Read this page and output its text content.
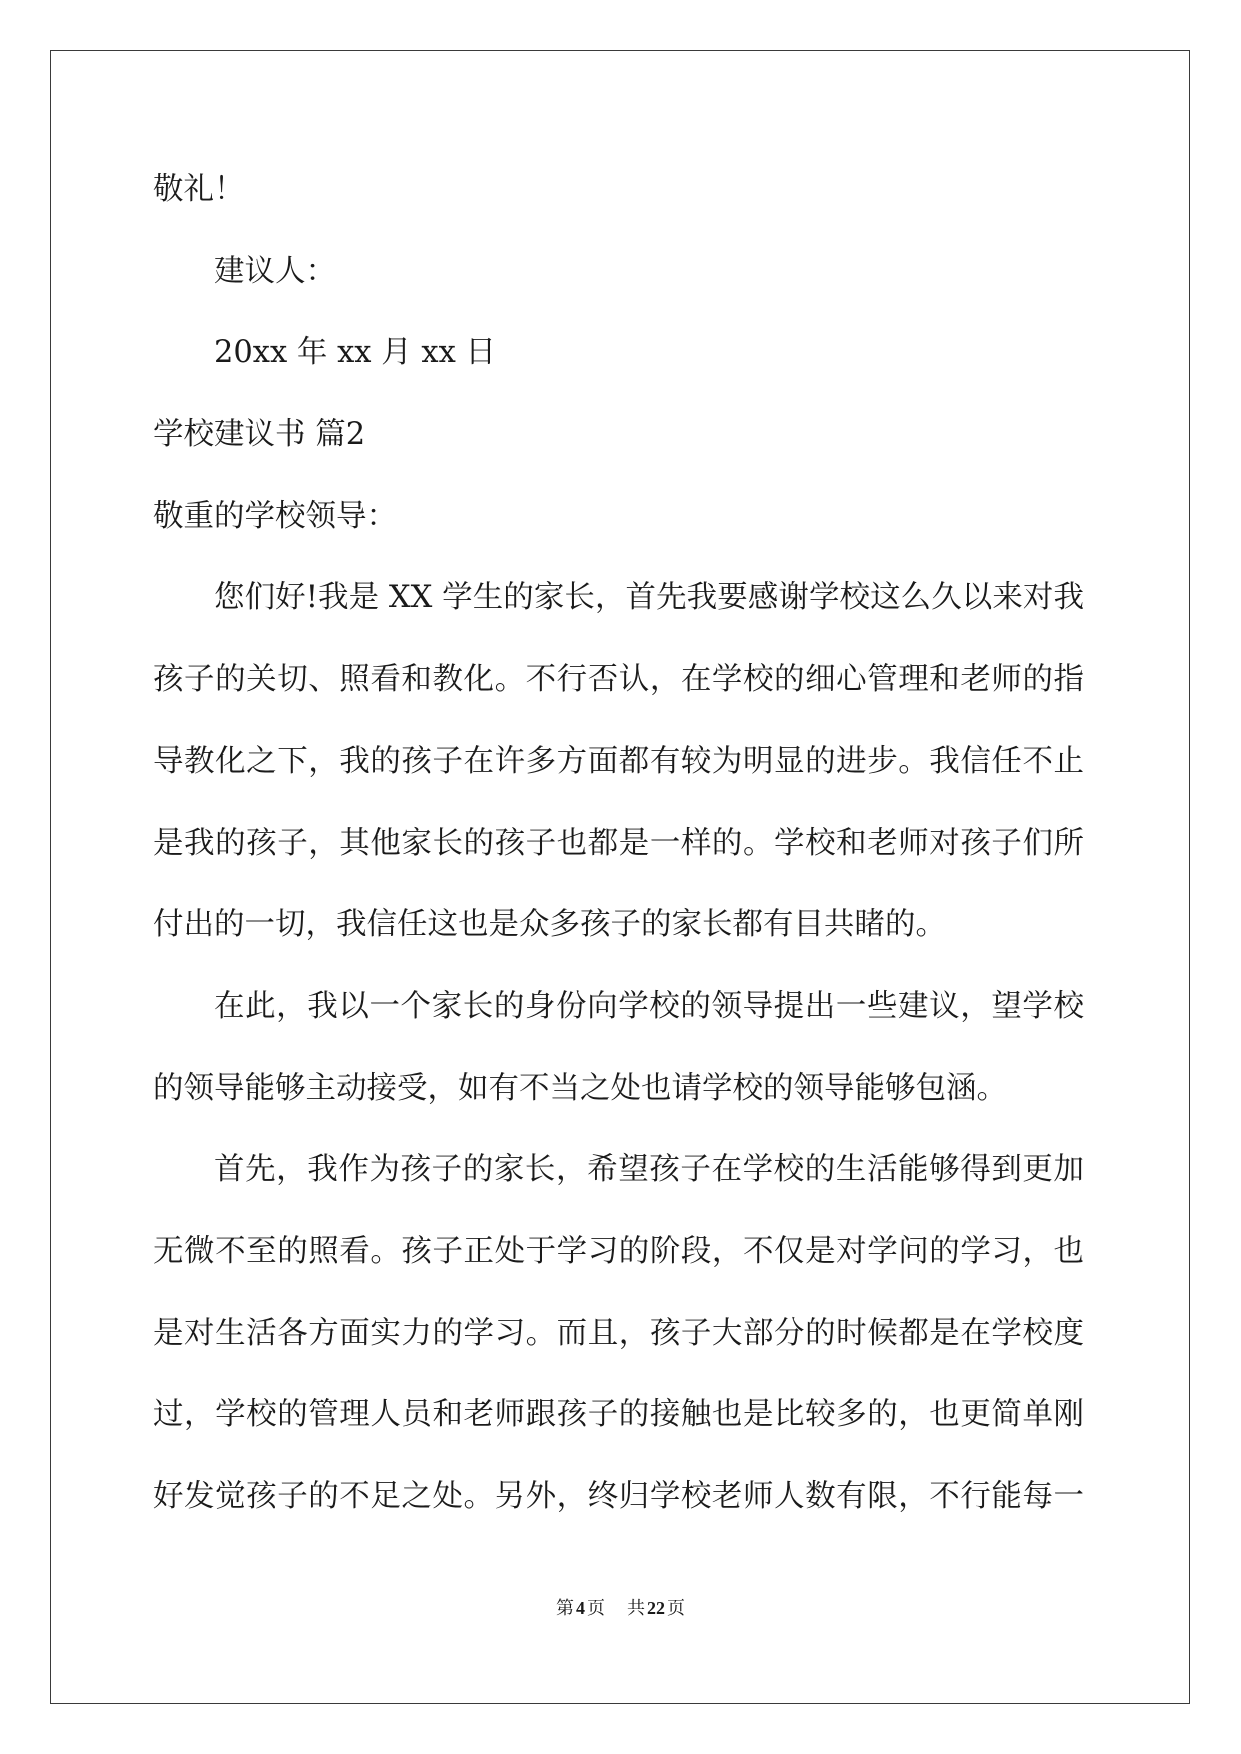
敬礼！
建议人：
20xx 年 xx 月 xx 日
学校建议书 篇2
敬重的学校领导：
您们好!我是 XX 学生的家长，首先我要感谢学校这么久以来对我
孩子的关切、照看和教化。不行否认，在学校的细心管理和老师的指
导教化之下，我的孩子在许多方面都有较为明显的进步。我信任不止
是我的孩子，其他家长的孩子也都是一样的。学校和老师对孩子们所
付出的一切，我信任这也是众多孩子的家长都有目共睹的。
在此，我以一个家长的身份向学校的领导提出一些建议，望学校
的领导能够主动接受，如有不当之处也请学校的领导能够包涵。
首先，我作为孩子的家长，希望孩子在学校的生活能够得到更加
无微不至的照看。孩子正处于学习的阶段，不仅是对学问的学习，也
是对生活各方面实力的学习。而且，孩子大部分的时候都是在学校度
过，学校的管理人员和老师跟孩子的接触也是比较多的，也更简单刚
好发觉孩子的不足之处。另外，终归学校老师人数有限，不行能每一
第 4 页 共 22 页
